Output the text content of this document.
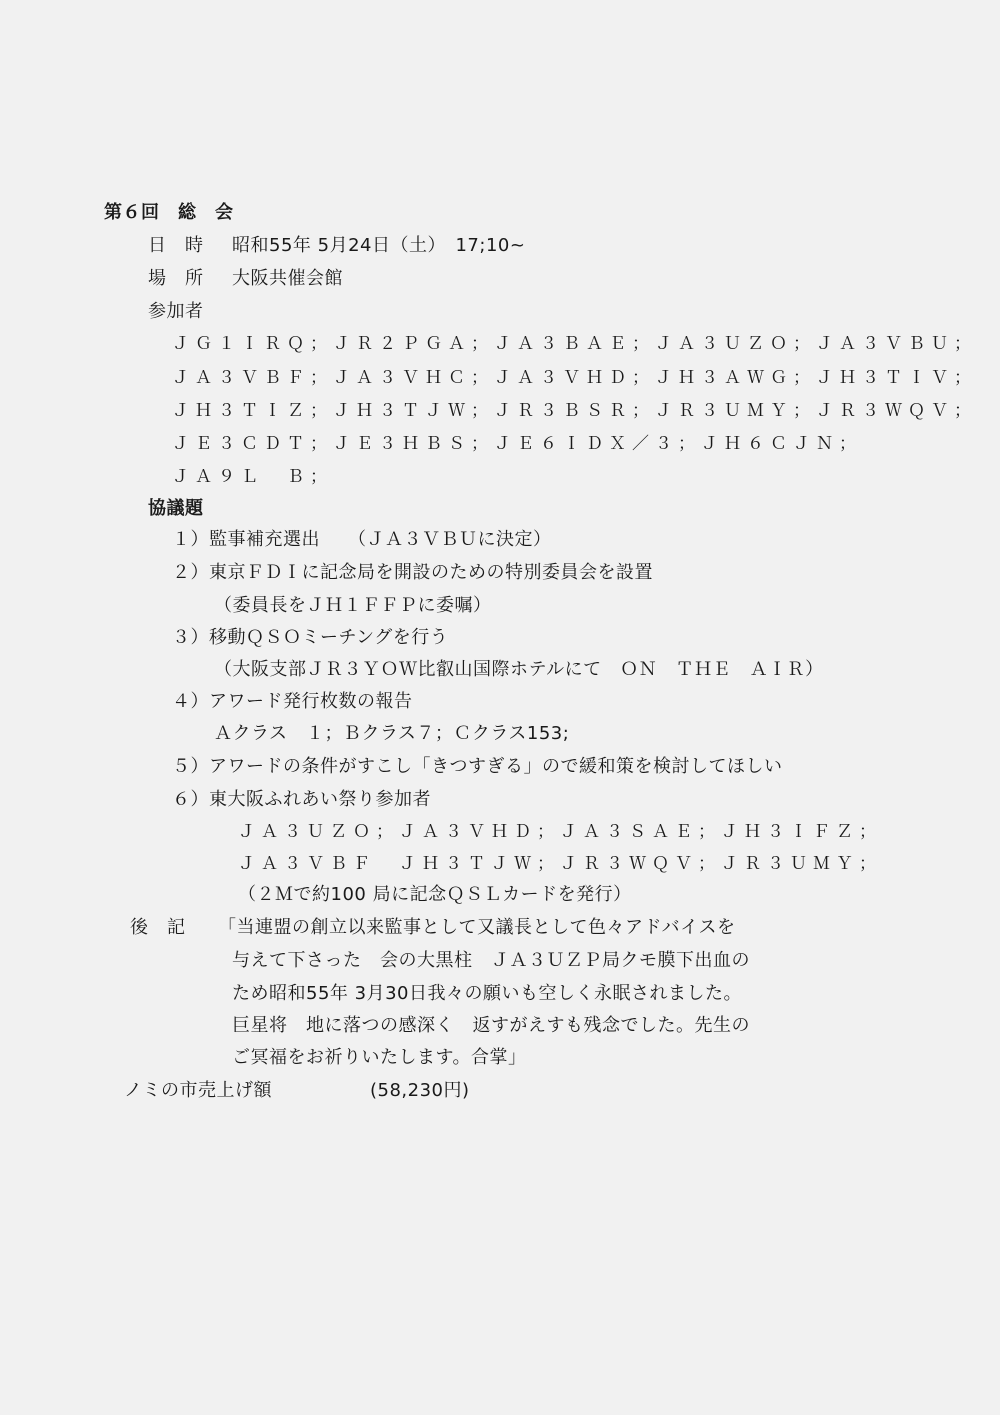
第６回　総　会
日　時 昭和55年 5月24日（土）　17;10~
場　所 大阪共催会館
参加者
ＪＧ１ＩＲＱ；ＪＲ２ＰＧＡ；ＪＡ３ＢＡＥ；ＪＡ３ＵＺＯ；ＪＡ３ＶＢＵ；
ＪＡ３ＶＢＦ；ＪＡ３ＶＨＣ；ＪＡ３ＶＨＤ；ＪＨ３ＡＷＧ；ＪＨ３ＴＩＶ；
ＪＨ３ＴＩＺ；ＪＨ３ＴＪＷ；ＪＲ３ＢＳＲ；ＪＲ３ＵＭＹ；ＪＲ３ＷＱＶ；
ＪＥ３ＣＤＴ；ＪＥ３ＨＢＳ；ＪＥ６ＩＤＸ／３；ＪＨ６ＣＪＮ；
ＪＡ９Ｌ　Ｂ；
協議題
１）監事補充選出　　（ＪＡ３ＶＢＵに決定）
２）東京ＦＤＩに記念局を開設のための特別委員会を設置
（委員長をＪＨ１ＦＦＰに委嘱）
３）移動ＱＳＯミーチングを行う
（大阪支部ＪＲ３ＹＯＷ比叡山国際ホテルにて　ＯＮ　ＴＨＥ　ＡＩＲ）
４）アワード発行枚数の報告
Ａクラス　１；Ｂクラス７；Ｃクラス153;
５）アワードの条件がすこし「きつすぎる」ので緩和策を検討してほしい
６）東大阪ふれあい祭り参加者
ＪＡ３ＵＺＯ；ＪＡ３ＶＨＤ；ＪＡ３ＳＡＥ；ＪＨ３ＩＦＺ；
ＪＡ３ＶＢＦ　ＪＨ３ＴＪＷ；ＪＲ３ＷＱＶ；ＪＲ３ＵＭＹ；
（２Ｍで約100 局に記念ＱＳＬカードを発行）
後　記 「当連盟の創立以来監事として又議長として色々アドバイスを
与えて下さった　会の大黒柱　ＪＡ３ＵＺＰ局クモ膜下出血の
ため昭和55年 3月30日我々の願いも空しく永眠されました。
巨星将　地に落つの感深く　返すがえすも残念でした。先生の
ご冥福をお祈りいたします。合掌」
ノミの市売上げ額	(58,230円)
